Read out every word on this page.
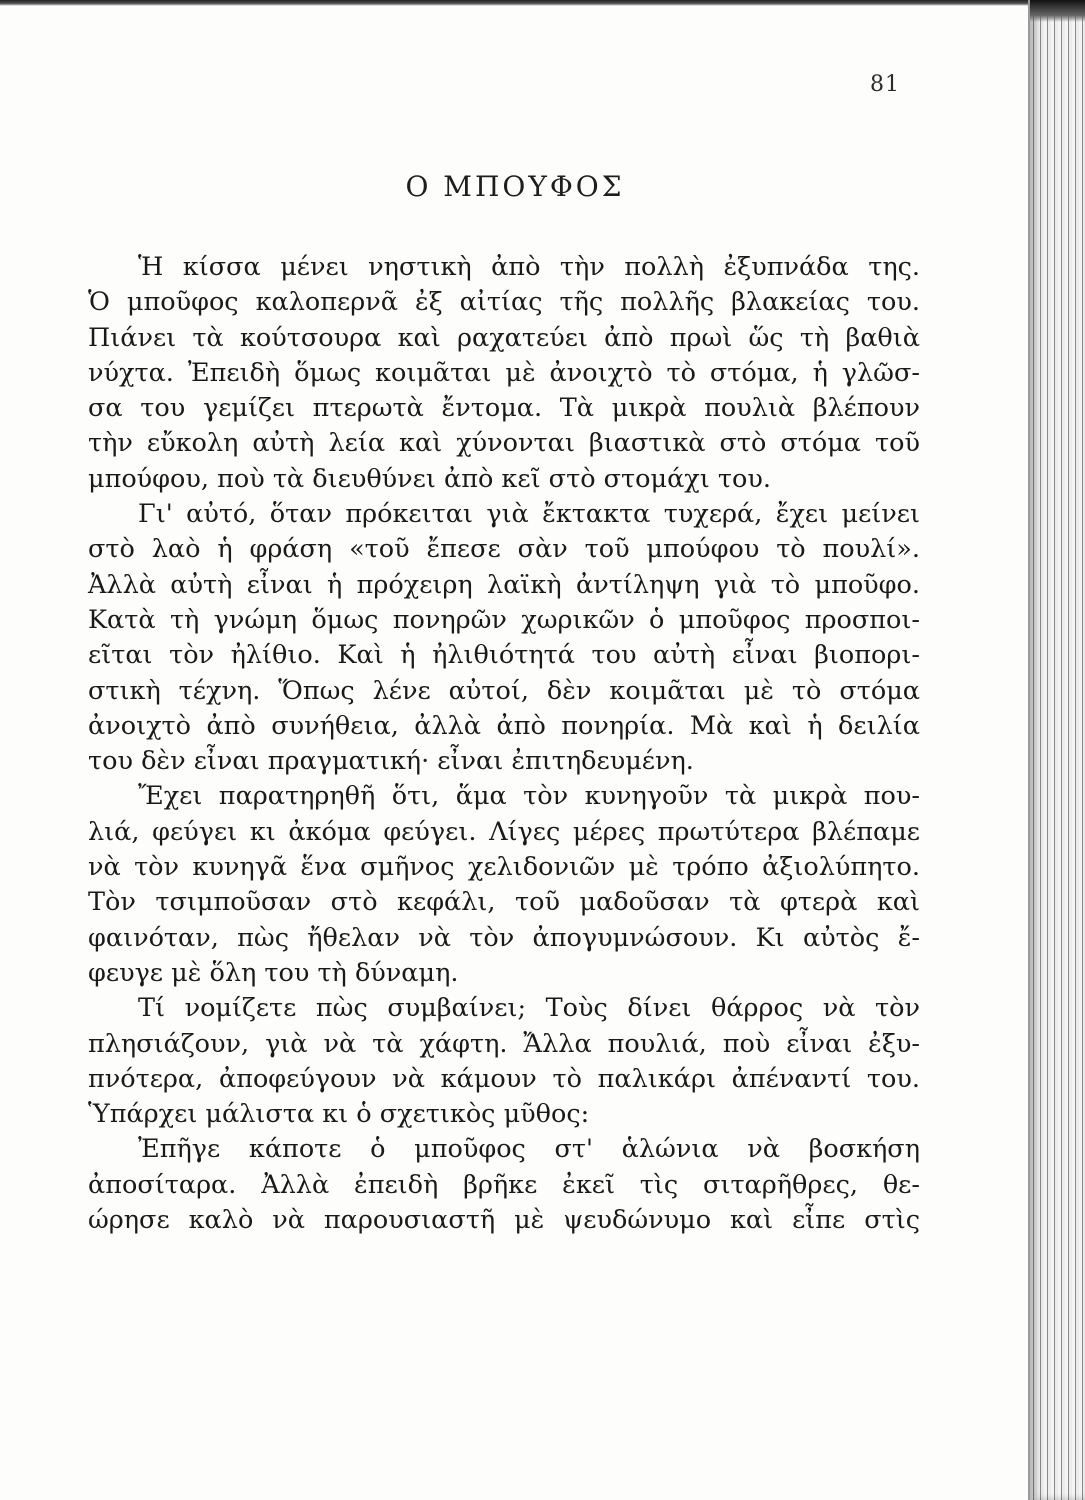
81
Ο ΜΠΟΥΦΟΣ
Ἡ κίσσα μένει νηστικὴ ἀπὸ τὴν πολλὴ ἐξυπνάδα της.
Ὁ μποῦφος καλοπερνᾶ ἐξ αἰτίας τῆς πολλῆς βλακείας του.
Πιάνει τὰ κούτσουρα καὶ ραχατεύει ἀπὸ πρωὶ ὥς τὴ βαθιὰ
νύχτα. Ἐπειδὴ ὅμως κοιμᾶται μὲ ἀνοιχτὸ τὸ στόμα, ἡ γλῶσ-
σα του γεμίζει πτερωτὰ ἔντομα. Τὰ μικρὰ πουλιὰ βλέπουν
τὴν εὔκολη αὐτὴ λεία καὶ χύνονται βιαστικὰ στὸ στόμα τοῦ
μπούφου, ποὺ τὰ διευθύνει ἀπὸ κεῖ στὸ στομάχι του.
Γι' αὐτό, ὅταν πρόκειται γιὰ ἔκτακτα τυχερά, ἔχει μείνει
στὸ λαὸ ἡ φράση «τοῦ ἔπεσε σὰν τοῦ μπούφου τὸ πουλί».
Ἀλλὰ αὐτὴ εἶναι ἡ πρόχειρη λαϊκὴ ἀντίληψη γιὰ τὸ μποῦφο.
Κατὰ τὴ γνώμη ὅμως πονηρῶν χωρικῶν ὁ μποῦφος προσποι-
εῖται τὸν ἠλίθιο. Καὶ ἡ ἠλιθιότητά του αὐτὴ εἶναι βιοπορι-
στικὴ τέχνη. Ὅπως λένε αὐτοί, δὲν κοιμᾶται μὲ τὸ στόμα
ἀνοιχτὸ ἀπὸ συνήθεια, ἀλλὰ ἀπὸ πονηρία. Μὰ καὶ ἡ δειλία
του δὲν εἶναι πραγματική· εἶναι ἐπιτηδευμένη.
Ἔχει παρατηρηθῆ ὅτι, ἅμα τὸν κυνηγοῦν τὰ μικρὰ που-
λιά, φεύγει κι ἀκόμα φεύγει. Λίγες μέρες πρωτύτερα βλέπαμε
νὰ τὸν κυνηγᾶ ἕνα σμῆνος χελιδονιῶν μὲ τρόπο ἀξιολύπητο.
Τὸν τσιμποῦσαν στὸ κεφάλι, τοῦ μαδοῦσαν τὰ φτερὰ καὶ
φαινόταν, πὼς ἤθελαν νὰ τὸν ἀπογυμνώσουν. Κι αὐτὸς ἔ-
φευγε μὲ ὅλη του τὴ δύναμη.
Τί νομίζετε πὼς συμβαίνει; Τοὺς δίνει θάρρος νὰ τὸν
πλησιάζουν, γιὰ νὰ τὰ χάφτη. Ἄλλα πουλιά, ποὺ εἶναι ἐξυ-
πνότερα, ἀποφεύγουν νὰ κάμουν τὸ παλικάρι ἀπέναντί του.
Ὑπάρχει μάλιστα κι ὁ σχετικὸς μῦθος:
Ἐπῆγε κάποτε ὁ μποῦφος στ' ἁλώνια νὰ βοσκήση
ἀποσίταρα. Ἀλλὰ ἐπειδὴ βρῆκε ἐκεῖ τὶς σιταρῆθρες, θε-
ώρησε καλὸ νὰ παρουσιαστῆ μὲ ψευδώνυμο καὶ εἶπε στὶς
